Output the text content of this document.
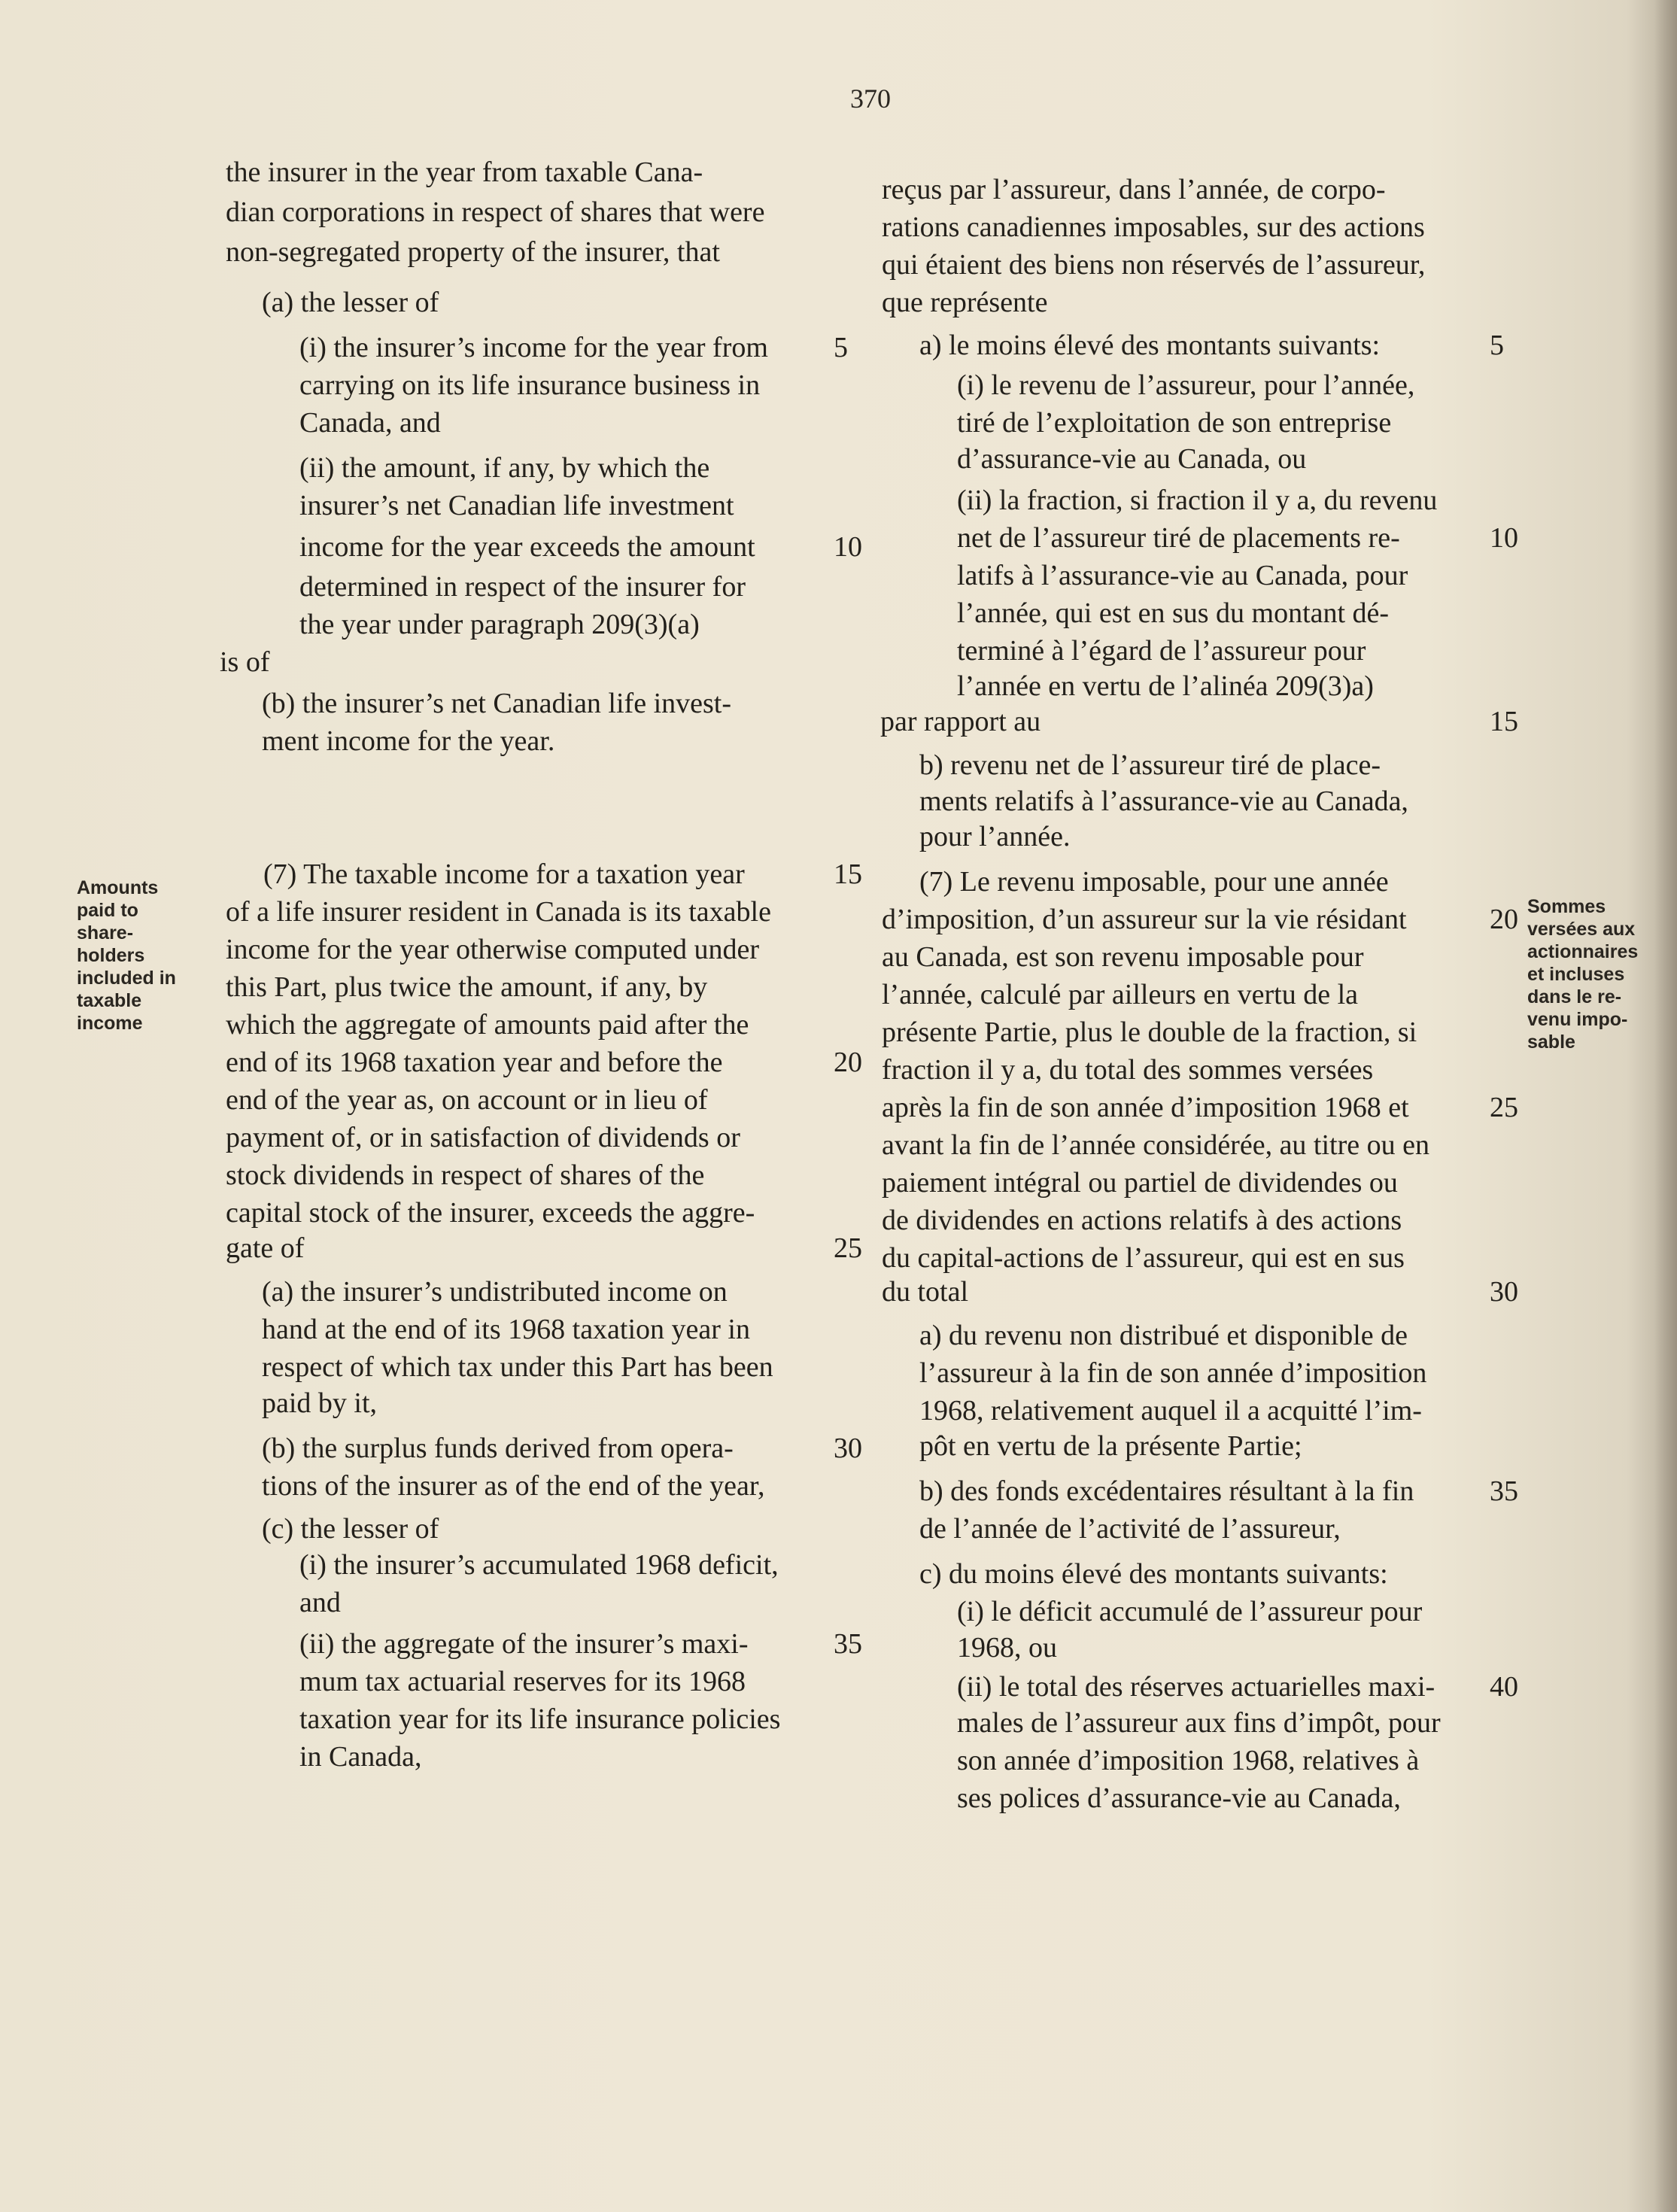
370
Amounts
paid to
share-
holders
included in
taxable
income
Sommes
versées aux
actionnaires
et incluses
dans le re-
venu impo-
sable
the insurer in the year from taxable Cana-
dian corporations in respect of shares that were
non-segregated property of the insurer, that
(a) the lesser of
(i) the insurer’s income for the year from 5
carrying on its life insurance business in
Canada, and
(ii) the amount, if any, by which the
insurer’s net Canadian life investment
income for the year exceeds the amount	10
determined in respect of the insurer for
the year under paragraph 209(3)(a)
is of
(b) the insurer’s net Canadian life invest-
ment income for the year.
(7) The taxable income for a taxation year	15
of a life insurer resident in Canada is its taxable
income for the year otherwise computed under
this Part, plus twice the amount, if any, by
which the aggregate of amounts paid after the
end of its 1968 taxation year and before the	20
end of the year as, on account or in lieu of
payment of, or in satisfaction of dividends or
stock dividends in respect of shares of the
capital stock of the insurer, exceeds the aggre-
gate of	25
(a) the insurer’s undistributed income on
hand at the end of its 1968 taxation year in
respect of which tax under this Part has been
paid by it,
(b) the surplus funds derived from opera-	30
tions of the insurer as of the end of the year,
(c) the lesser of
(i) the insurer’s accumulated 1968 deficit,
and
(ii) the aggregate of the insurer’s maxi-	35
mum tax actuarial reserves for its 1968
taxation year for its life insurance policies
in Canada,
reçus par l’assureur, dans l’année, de corpo-
rations canadiennes imposables, sur des actions
qui étaient des biens non réservés de l’assureur,
que représente
a) le moins élevé des montants suivants:	5
(i) le revenu de l’assureur, pour l’année,
tiré de l’exploitation de son entreprise
d’assurance-vie au Canada, ou
(ii) la fraction, si fraction il y a, du revenu
net de l’assureur tiré de placements re-	10
latifs à l’assurance-vie au Canada, pour
l’année, qui est en sus du montant dé-
terminé à l’égard de l’assureur pour
l’année en vertu de l’alinéa 209(3)a)
par rapport au	15
b) revenu net de l’assureur tiré de place-
ments relatifs à l’assurance-vie au Canada,
pour l’année.
(7) Le revenu imposable, pour une année
d’imposition, d’un assureur sur la vie résidant	20
au Canada, est son revenu imposable pour
l’année, calculé par ailleurs en vertu de la
présente Partie, plus le double de la fraction, si
fraction il y a, du total des sommes versées
après la fin de son année d’imposition 1968 et	25
avant la fin de l’année considérée, au titre ou en
paiement intégral ou partiel de dividendes ou
de dividendes en actions relatifs à des actions
du capital-actions de l’assureur, qui est en sus
du total	30
a) du revenu non distribué et disponible de
l’assureur à la fin de son année d’imposition
1968, relativement auquel il a acquitté l’im-
pôt en vertu de la présente Partie;
b) des fonds excédentaires résultant à la fin	35
de l’année de l’activité de l’assureur,
c) du moins élevé des montants suivants:
(i) le déficit accumulé de l’assureur pour
1968, ou
(ii) le total des réserves actuarielles maxi- 40
males de l’assureur aux fins d’impôt, pour
son année d’imposition 1968, relatives à
ses polices d’assurance-vie au Canada,
